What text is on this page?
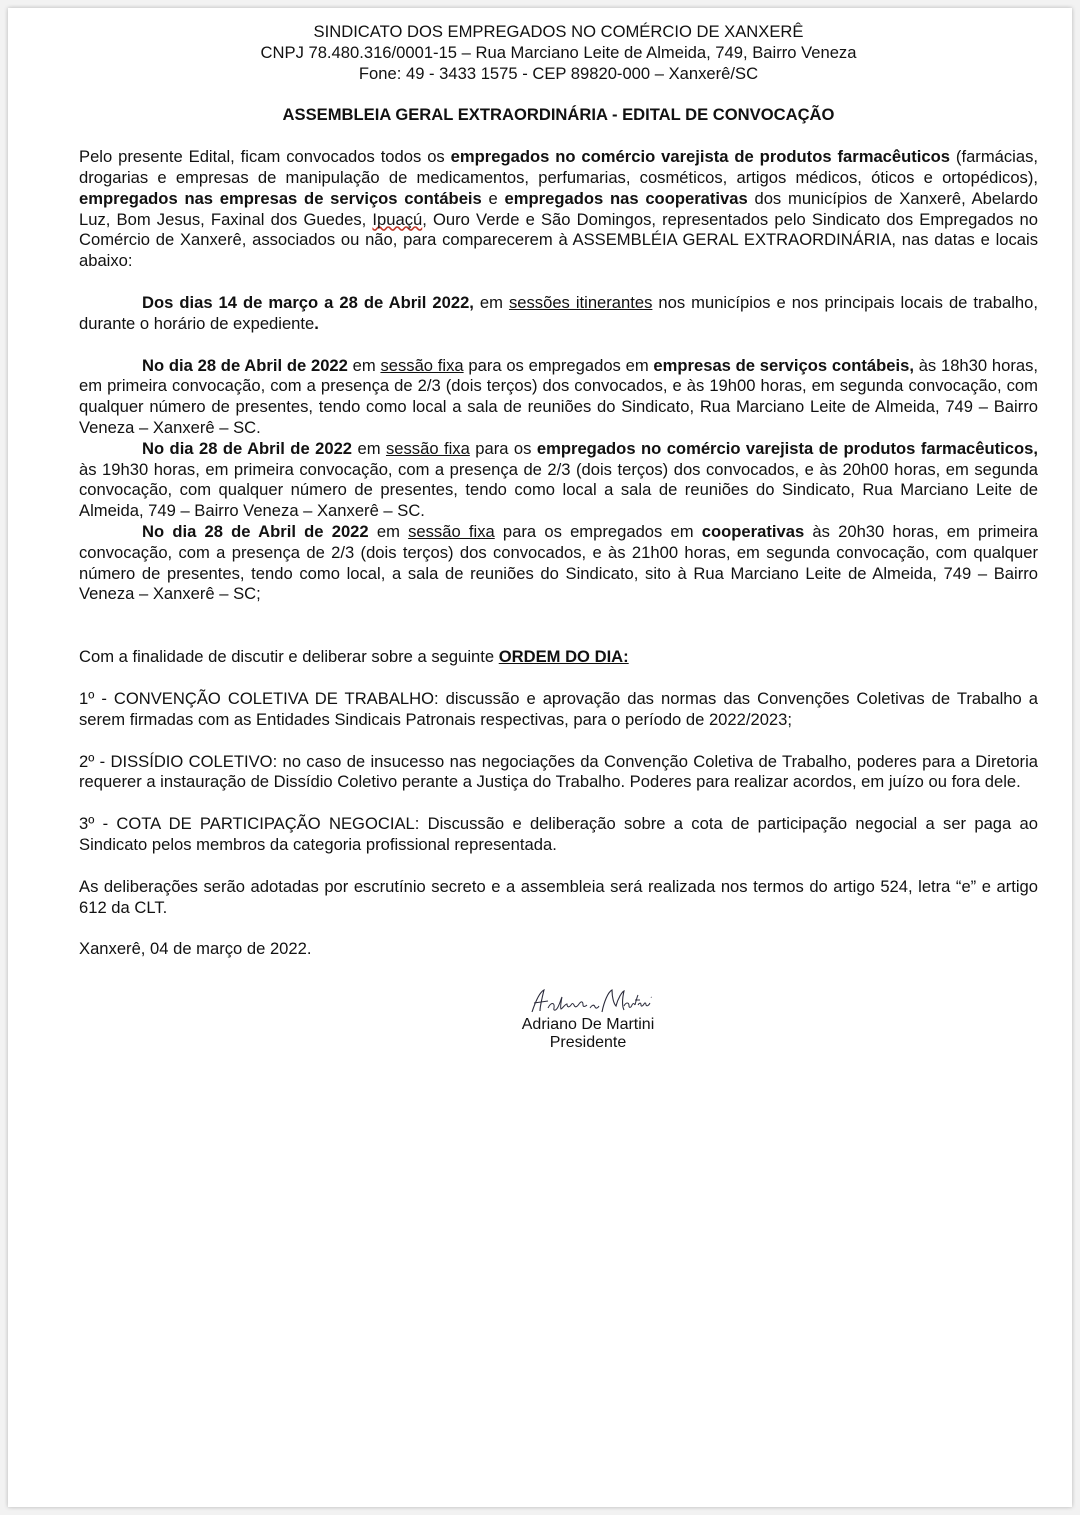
SINDICATO DOS EMPREGADOS NO COMÉRCIO DE XANXERÊ

CNPJ 78.480.316/0001-15 – Rua Marciano Leite de Almeida, 749, Bairro Veneza

Fone: 49 - 3433 1575 - CEP 89820-000 – Xanxerê/SC

ASSEMBLEIA GERAL EXTRAORDINÁRIA - EDITAL DE CONVOCAÇÃO

Pelo presente Edital, ficam convocados todos os empregados no comércio varejista de produtos farmacêuticos (farmácias, drogarias e empresas de manipulação de medicamentos, perfumarias, cosméticos, artigos médicos, óticos e ortopédicos), empregados nas empresas de serviços contábeis e empregados nas cooperativas dos municípios de Xanxerê, Abelardo Luz, Bom Jesus, Faxinal dos Guedes, Ipuaçú, Ouro Verde e São Domingos, representados pelo Sindicato dos Empregados no Comércio de Xanxerê, associados ou não, para comparecerem à ASSEMBLÉIA GERAL EXTRAORDINÁRIA, nas datas e locais abaixo:

Dos dias 14 de março a 28 de Abril 2022, em sessões itinerantes nos municípios e nos principais locais de trabalho, durante o horário de expediente.

No dia 28 de Abril de 2022 em sessão fixa para os empregados em empresas de serviços contábeis, às 18h30 horas, em primeira convocação, com a presença de 2/3 (dois terços) dos convocados, e às 19h00 horas, em segunda convocação, com qualquer número de presentes, tendo como local a sala de reuniões do Sindicato, Rua Marciano Leite de Almeida, 749 – Bairro Veneza – Xanxerê – SC.

No dia 28 de Abril de 2022 em sessão fixa para os empregados no comércio varejista de produtos farmacêuticos, às 19h30 horas, em primeira convocação, com a presença de 2/3 (dois terços) dos convocados, e às 20h00 horas, em segunda convocação, com qualquer número de presentes, tendo como local a sala de reuniões do Sindicato, Rua Marciano Leite de Almeida, 749 – Bairro Veneza – Xanxerê – SC.

No dia 28 de Abril de 2022 em sessão fixa para os empregados em cooperativas às 20h30 horas, em primeira convocação, com a presença de 2/3 (dois terços) dos convocados, e às 21h00 horas, em segunda convocação, com qualquer número de presentes, tendo como local, a sala de reuniões do Sindicato, sito à Rua Marciano Leite de Almeida, 749 – Bairro Veneza – Xanxerê – SC;

Com a finalidade de discutir e deliberar sobre a seguinte ORDEM DO DIA:

1º - CONVENÇÃO COLETIVA DE TRABALHO: discussão e aprovação das normas das Convenções Coletivas de Trabalho a serem firmadas com as Entidades Sindicais Patronais respectivas, para o período de 2022/2023;

2º - DISSÍDIO COLETIVO: no caso de insucesso nas negociações da Convenção Coletiva de Trabalho, poderes para a Diretoria requerer a instauração de Dissídio Coletivo perante a Justiça do Trabalho. Poderes para realizar acordos, em juízo ou fora dele.

3º - COTA DE PARTICIPAÇÃO NEGOCIAL: Discussão e deliberação sobre a cota de participação negocial a ser paga ao Sindicato pelos membros da categoria profissional representada.

As deliberações serão adotadas por escrutínio secreto e a assembleia será realizada nos termos do artigo 524, letra “e” e artigo 612 da CLT.

Xanxerê, 04 de março de 2022.

Adriano De Martini
Presidente
